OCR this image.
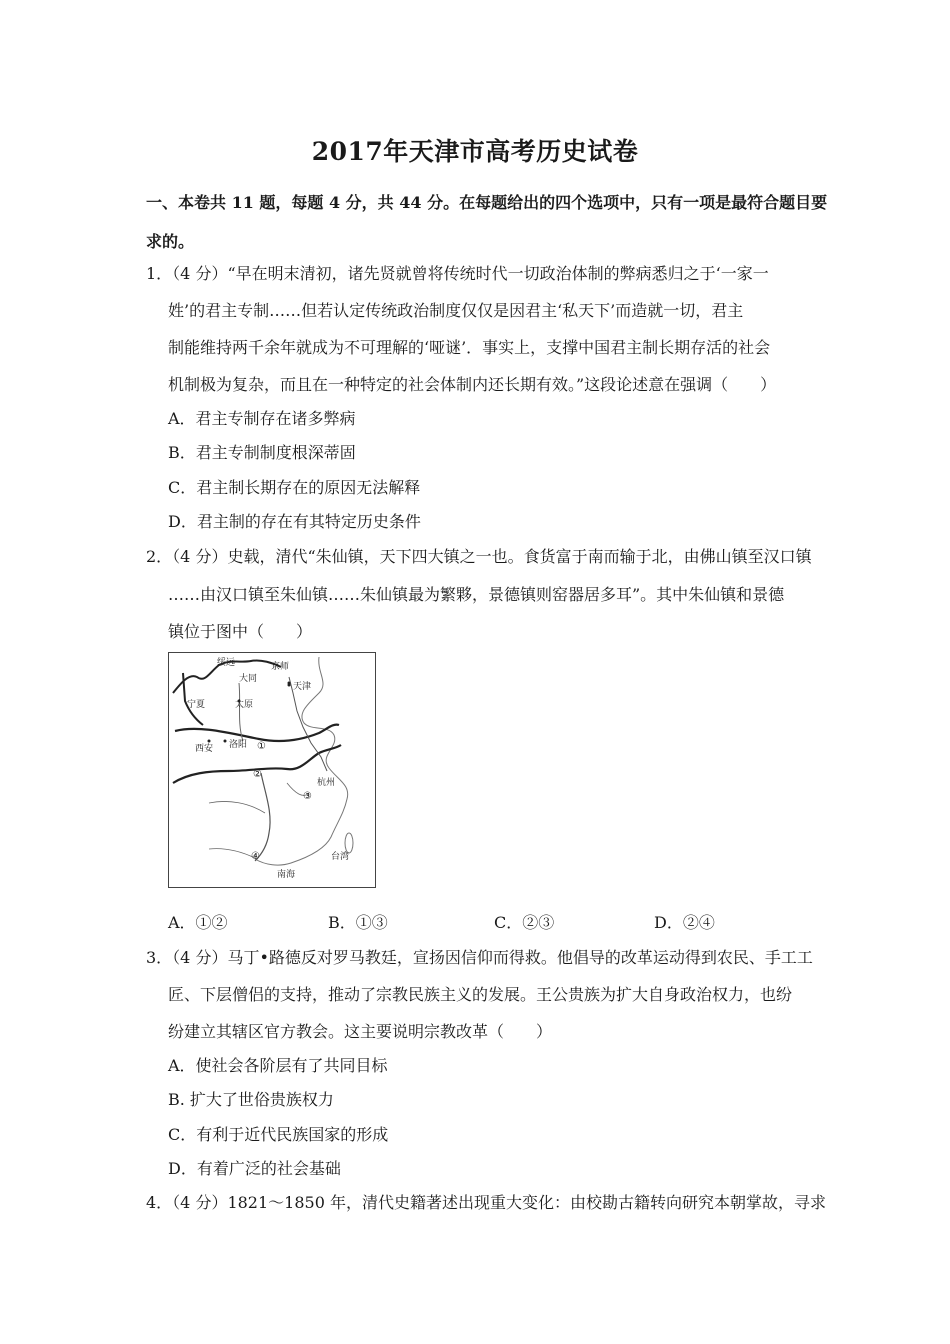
2017年天津市高考历史试卷
一、本卷共 11 题，每题 4 分，共 44 分。在每题给出的四个选项中，只有一项是最符合题目要
求的。
1．（4 分）“早在明末清初，诸先贤就曾将传统时代一切政治体制的弊病悉归之于‘一家一
姓’的君主专制……但若认定传统政治制度仅仅是因君主‘私天下’而造就一切，君主
制能维持两千余年就成为不可理解的‘哑谜’．事实上，支撑中国君主制长期存活的社会
机制极为复杂，而且在一种特定的社会体制内还长期有效。”这段论述意在强调（　　）
A．君主专制存在诸多弊病
B．君主专制制度根深蒂固
C．君主制长期存在的原因无法解释
D．君主制的存在有其特定历史条件
2．（4 分）史载，清代“朱仙镇，天下四大镇之一也。食货富于南而输于北，由佛山镇至汉口镇
……由汉口镇至朱仙镇……朱仙镇最为繁夥，景德镇则窑器居多耳”。其中朱仙镇和景德
镇位于图中（　　）
绥远	京师
大同
天津
宁夏	太原
西安 洛阳
杭州
台湾
南海
①
②
③
④
A．①②	B．①③	C．②③	D．②④
3．（4 分）马丁•路德反对罗马教廷，宣扬因信仰而得救。他倡导的改革运动得到农民、手工工
匠、下层僧侣的支持，推动了宗教民族主义的发展。王公贵族为扩大自身政治权力，也纷
纷建立其辖区官方教会。这主要说明宗教改革（　　）
A．使社会各阶层有了共同目标
B. 扩大了世俗贵族权力
C．有利于近代民族国家的形成
D．有着广泛的社会基础
4．（4 分）1821～1850 年，清代史籍著述出现重大变化：由校勘古籍转向研究本朝掌故，寻求
